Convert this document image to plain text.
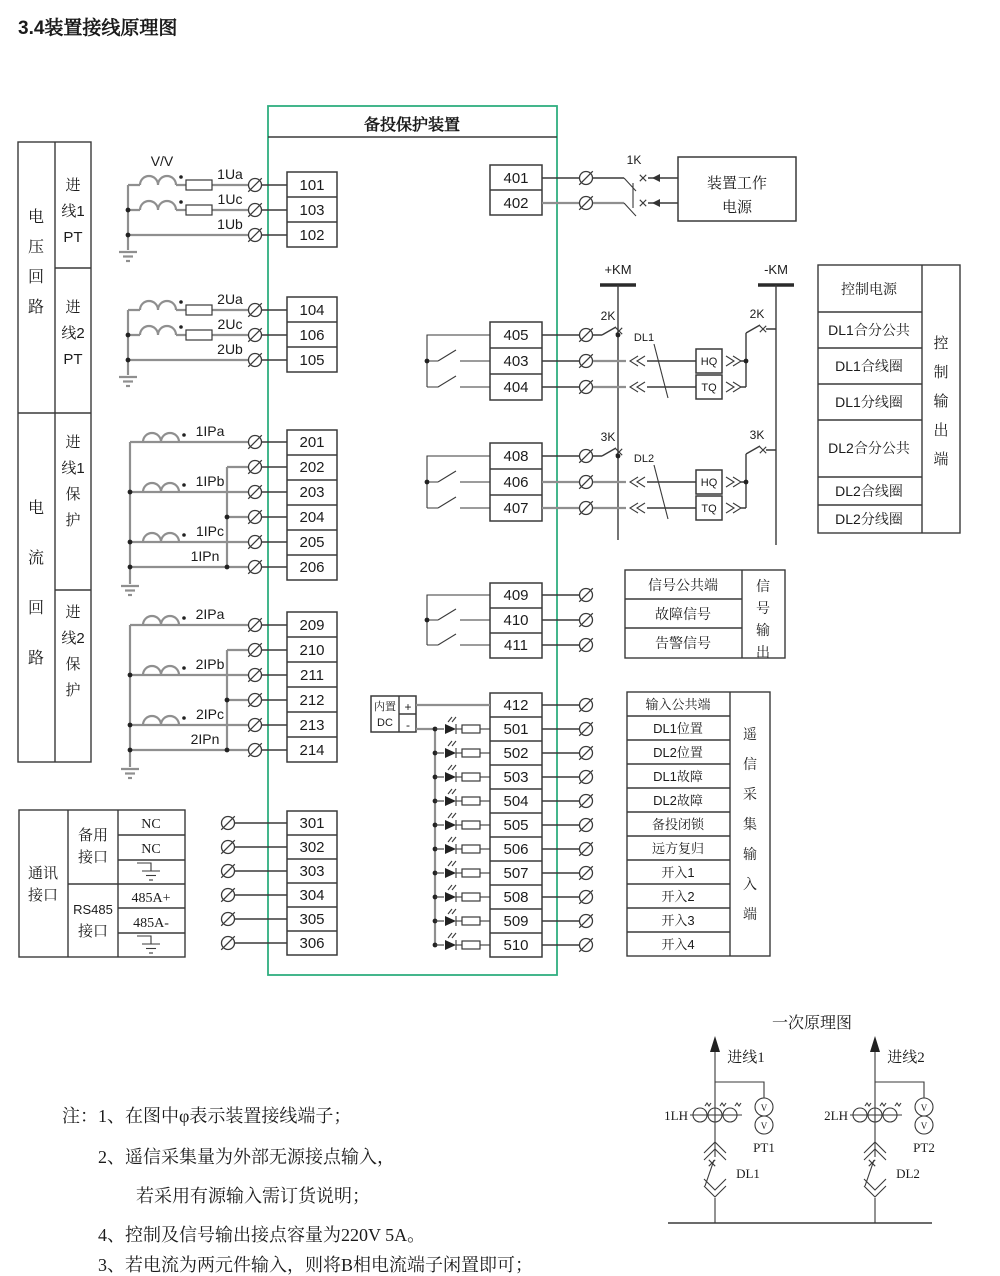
3.4装置接线原理图
电
压
回
路
进
线1
PT
进
线2
PT
电
流
回
路
进
线1
保
护
进
线2
保
护
备投保护装置
V/V
1Ua
1Uc
1Ub
2Ua
2Uc
2Ub
1IPa
1IPb
1IPc
1IPn
2IPa
2IPb
2IPc
2IPn
通讯
接口
备用
接口
RS485
接口
NC
NC
485A+
485A-
101
103
102
104
106
105
201
202
203
204
205
206
209
210
211
212
213
214
301
302
303
304
305
306
401
402
405
403
404
408
406
407
409
410
411
412
501
502
503
504
505
506
507
508
509
510
内置
DC
+
-
1K
装置工作
电源
+KM	-KM
2K
DL1
HQ
TQ
2K
3K
DL2
HQ
TQ
3K
控制电源
DL1合分公共
DL1合线圈
DL1分线圈
DL2合分公共
DL2合线圈
DL2分线圈
控
制
输
出
端
信号公共端
故障信号
告警信号
信
号
输
出
输入公共端
DL1位置
DL2位置
DL1故障
DL2故障
备投闭锁
远方复归
开入1
开入2
开入3
开入4
遥
信
采
集
输
入
端
一次原理图
进线1
V
V
PT1
1LH
DL1
进线2
V
V
PT2
2LH
DL2
注：1、在图中φ表示装置接线端子；
2、遥信采集量为外部无源接点输入，
若采用有源输入需订货说明；
4、控制及信号输出接点容量为220V 5A。
3、若电流为两元件输入，则将B相电流端子闲置即可；
